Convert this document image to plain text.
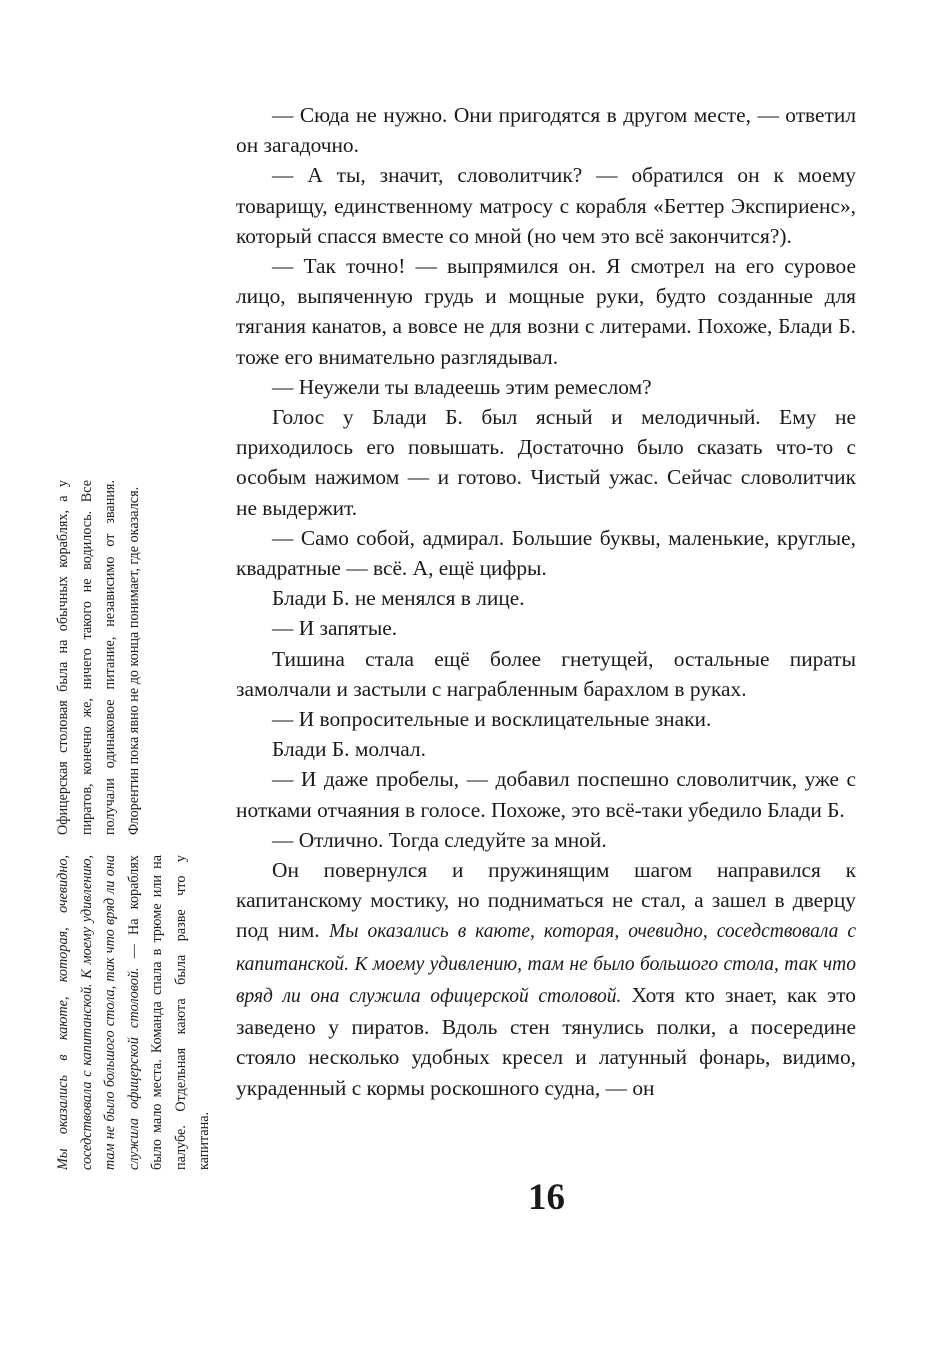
— Сюда не нужно. Они пригодятся в другом месте, — ответил он загадочно.

— А ты, значит, словолитчик? — обратился он к моему товарищу, единственному матросу с корабля «Беттер Экспириенс», который спасся вместе со мной (но чем это всё закончится?).

— Так точно! — выпрямился он. Я смотрел на его суровое лицо, выпяченную грудь и мощные руки, будто созданные для тягания канатов, а вовсе не для возни с литерами. Похоже, Блади Б. тоже его внимательно разглядывал.

— Неужели ты владеешь этим ремеслом?

Голос у Блади Б. был ясный и мелодичный. Ему не приходилось его повышать. Достаточно было сказать что-то с особым нажимом — и готово. Чистый ужас. Сейчас словолитчик не выдержит.

— Само собой, адмирал. Большие буквы, маленькие, круглые, квадратные — всё. А, ещё цифры.

Блади Б. не менялся в лице.

— И запятые.

Тишина стала ещё более гнетущей, остальные пираты замолчали и застыли с награбленным барахлом в руках.

— И вопросительные и восклицательные знаки.

Блади Б. молчал.

— И даже пробелы, — добавил поспешно словолитчик, уже с нотками отчаяния в голосе. Похоже, это всё-таки убедило Блади Б.

— Отлично. Тогда следуйте за мной.

Он повернулся и пружинящим шагом направился к капитанскому мостику, но подниматься не стал, а зашел в дверцу под ним. Мы оказались в каюте, которая, очевидно, соседствовала с капитанской. К моему удивлению, там не было большого стола, так что вряд ли она служила офицерской столовой. Хотя кто знает, как это заведено у пиратов. Вдоль стен тянулись полки, а посередине стояло несколько удобных кресел и латунный фонарь, видимо, украденный с кормы роскошного судна, — он

Офицерская столовая была на обычных кораблях, а у пиратов, конечно же, ничего такого не водилось. Все получали одинаковое питание, независимо от звания. Флорентин пока явно не до конца понимает, где оказался.
Мы оказались в каюте, которая, очевидно, соседствовала с капитанской. К моему удивлению, там не было большого стола, так что вряд ли она служила офицерской столовой. — На кораблях было мало места. Команда спала в трюме или на палубе. Отдельная каюта была разве что у капитана.
16
